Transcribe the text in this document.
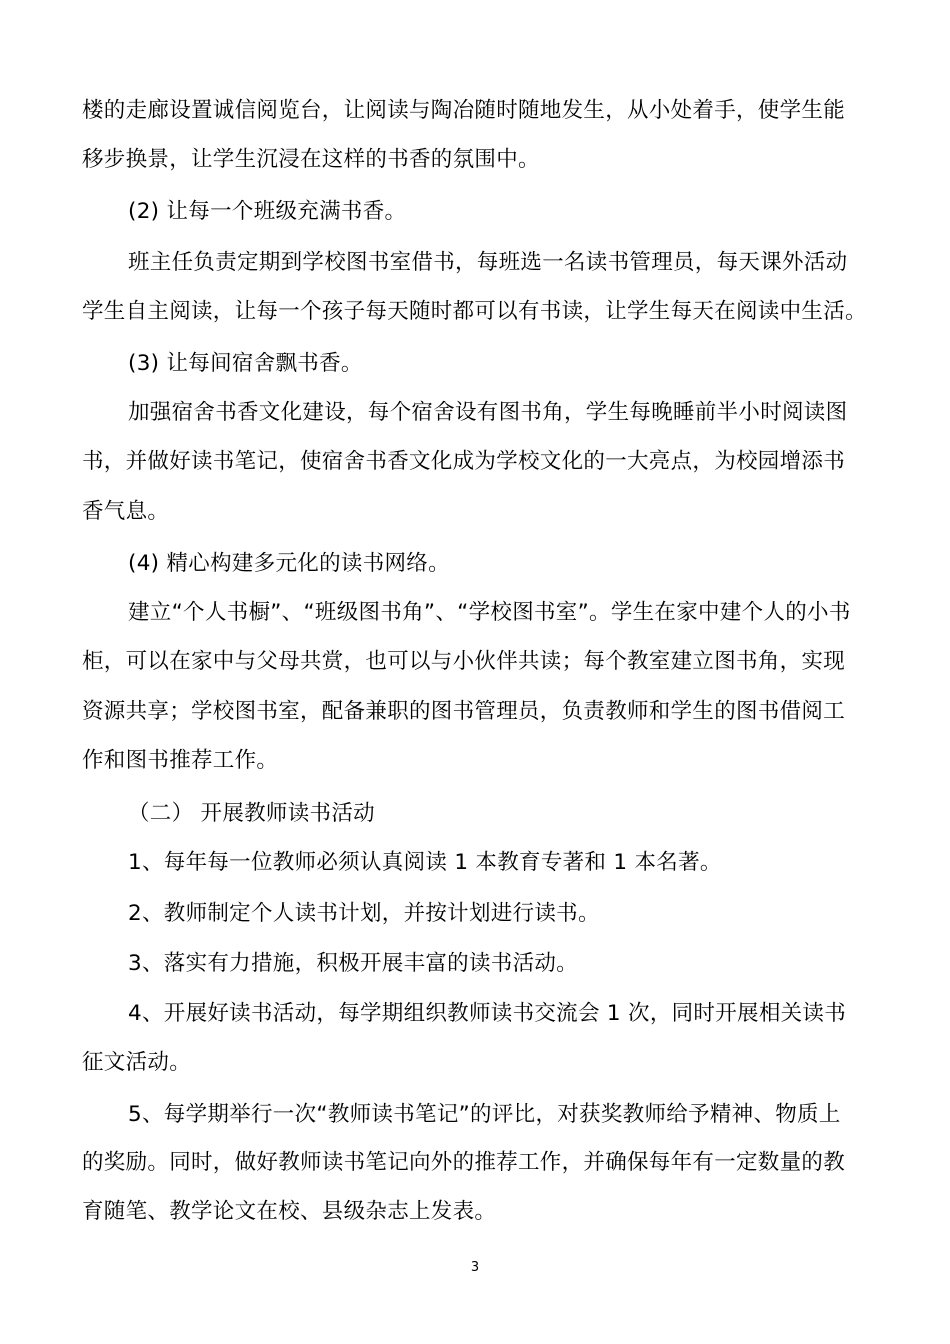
楼的走廊设置诚信阅览台，让阅读与陶冶随时随地发生，从小处着手，使学生能
移步换景，让学生沉浸在这样的书香的氛围中。
(2) 让每一个班级充满书香。
班主任负责定期到学校图书室借书，每班选一名读书管理员，每天课外活动
学生自主阅读，让每一个孩子每天随时都可以有书读，让学生每天在阅读中生活。
(3) 让每间宿舍飘书香。
加强宿舍书香文化建设，每个宿舍设有图书角，学生每晚睡前半小时阅读图
书，并做好读书笔记，使宿舍书香文化成为学校文化的一大亮点，为校园增添书
香气息。
(4) 精心构建多元化的读书网络。
建立“个人书橱”、“班级图书角”、“学校图书室”。学生在家中建个人的小书
柜，可以在家中与父母共赏，也可以与小伙伴共读；每个教室建立图书角，实现
资源共享；学校图书室，配备兼职的图书管理员，负责教师和学生的图书借阅工
作和图书推荐工作。
（二） 开展教师读书活动
1、每年每一位教师必须认真阅读 1 本教育专著和 1 本名著。
2、教师制定个人读书计划，并按计划进行读书。
3、落实有力措施，积极开展丰富的读书活动。
4、开展好读书活动，每学期组织教师读书交流会 1 次，同时开展相关读书
征文活动。
5、每学期举行一次“教师读书笔记”的评比，对获奖教师给予精神、物质上
的奖励。同时，做好教师读书笔记向外的推荐工作，并确保每年有一定数量的教
育随笔、教学论文在校、县级杂志上发表。
3
